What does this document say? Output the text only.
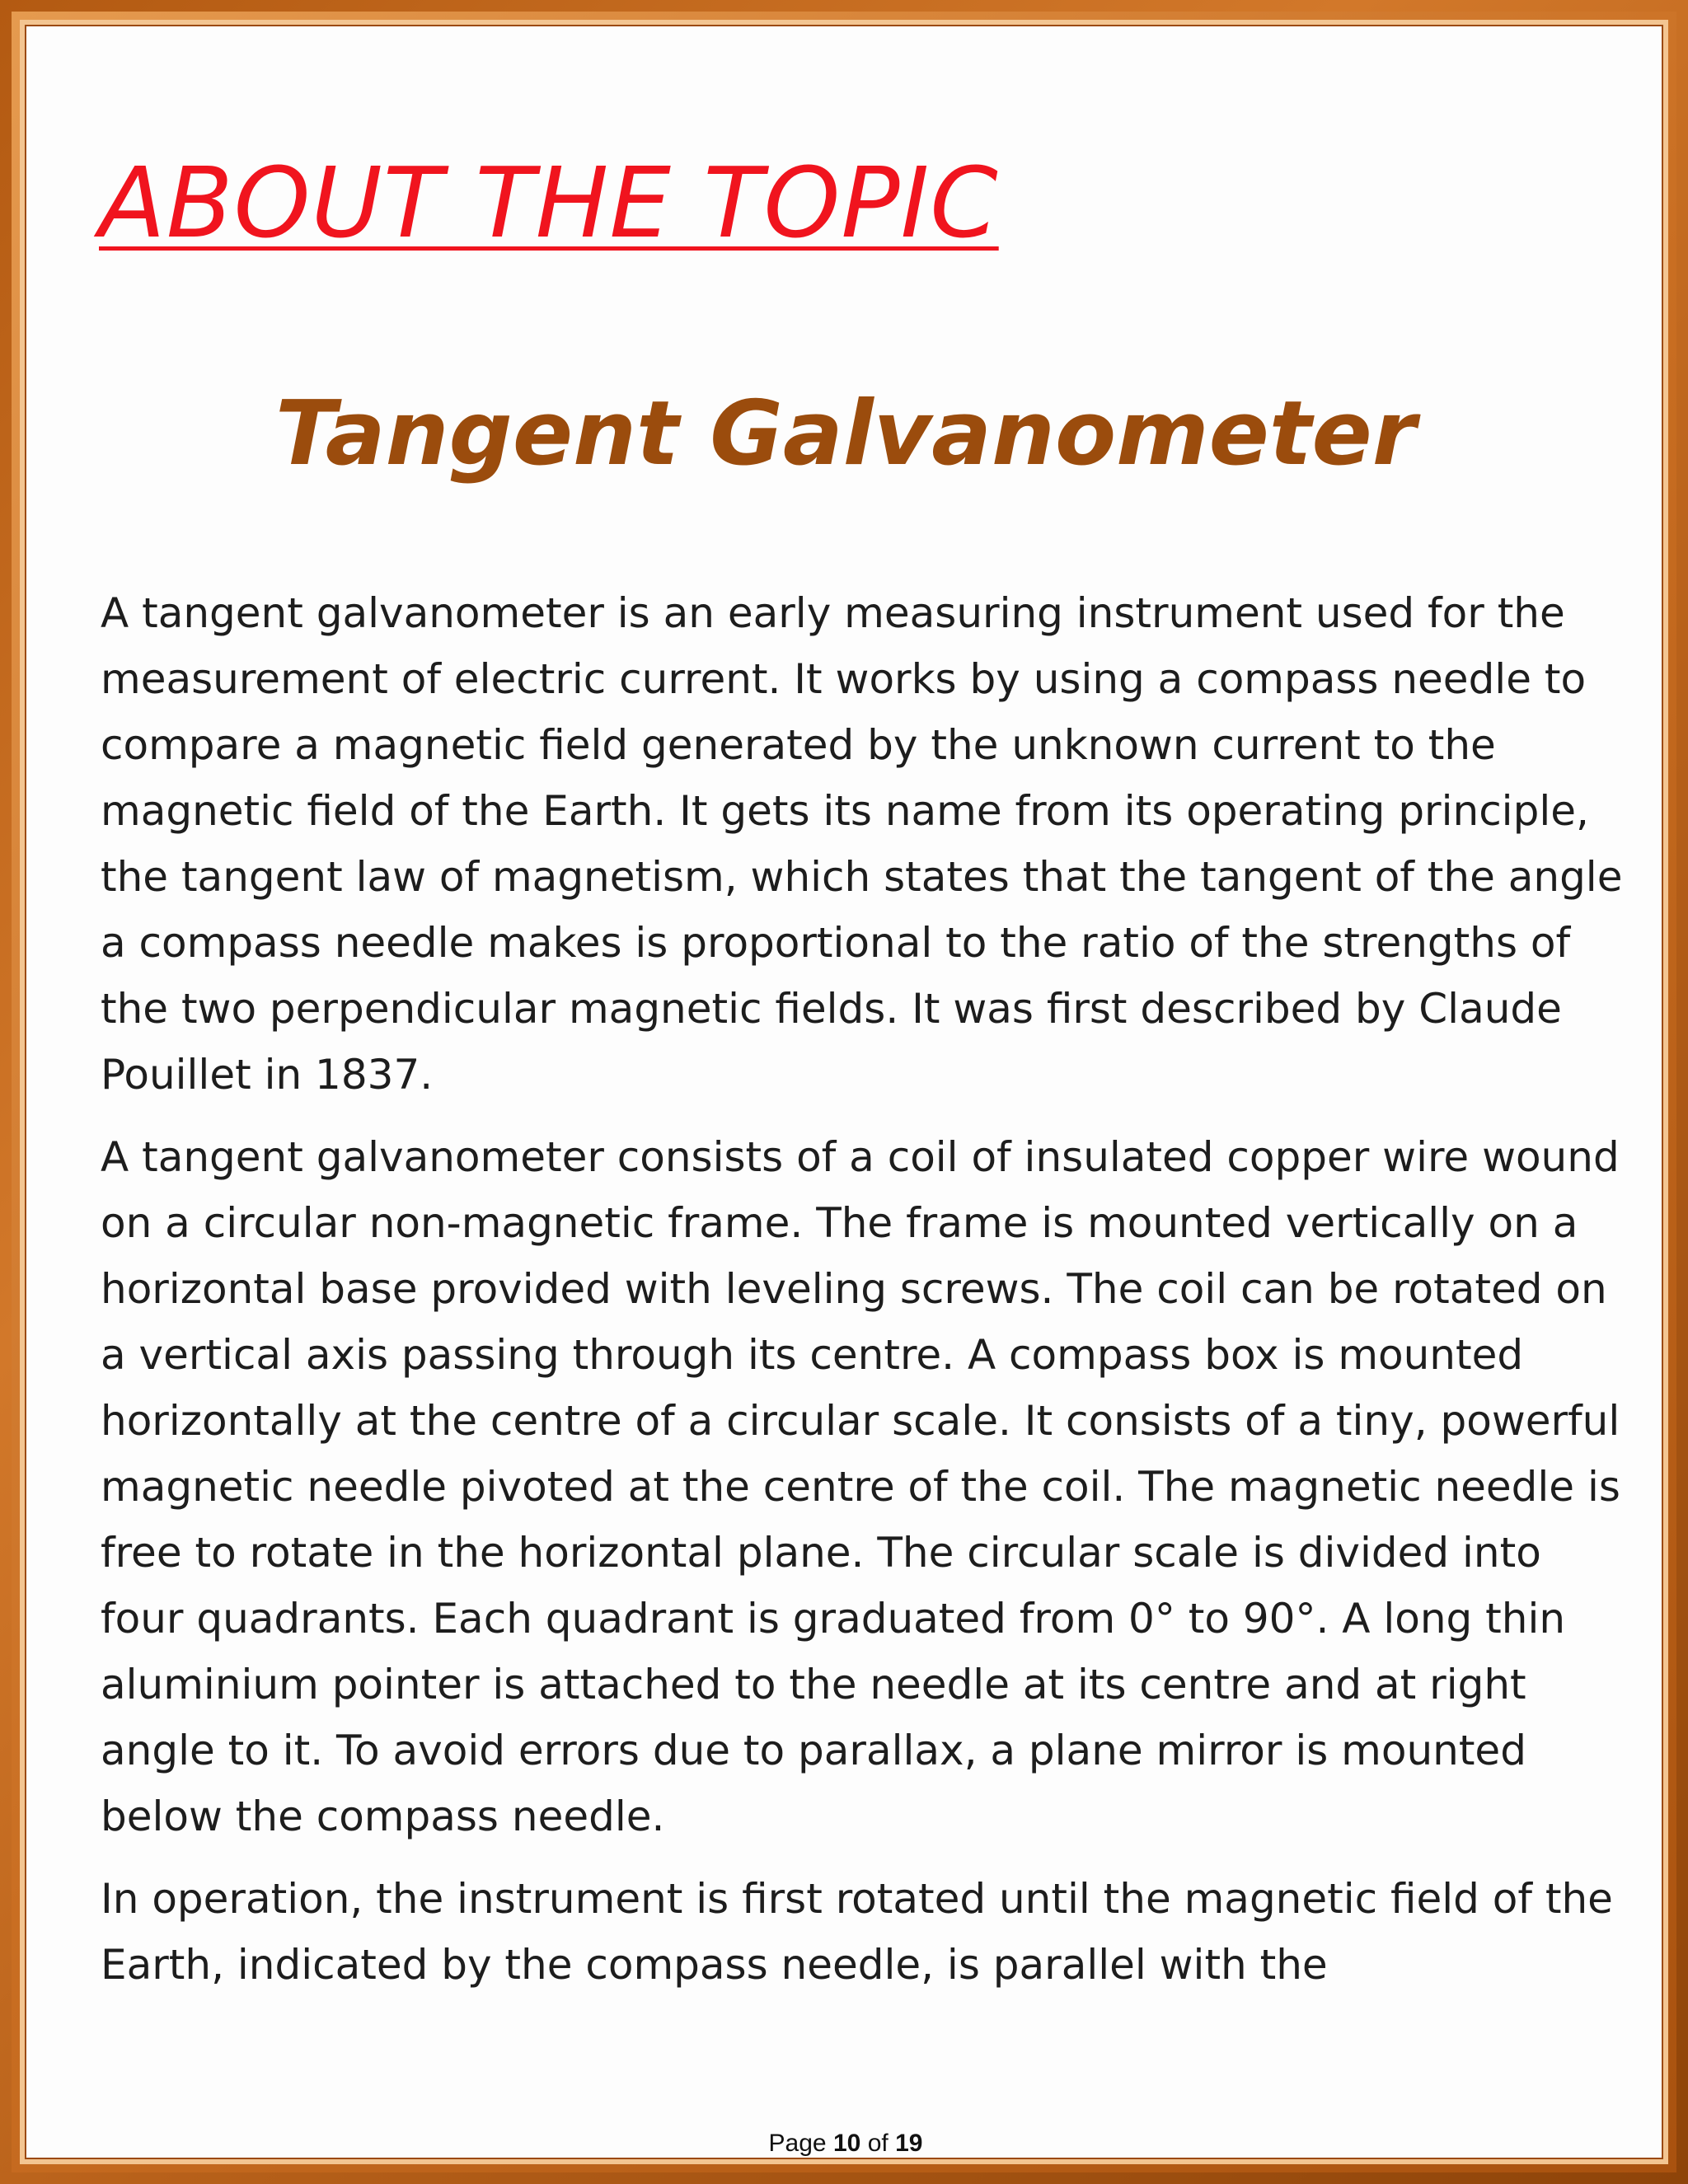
ABOUT THE TOPIC
Tangent Galvanometer

A tangent galvanometer is an early measuring instrument used for the measurement of electric current. It works by using a compass needle to compare a magnetic field generated by the unknown current to the magnetic field of the Earth. It gets its name from its operating principle, the tangent law of magnetism, which states that the tangent of the angle a compass needle makes is proportional to the ratio of the strengths of the two perpendicular magnetic fields. It was first described by Claude Pouillet in 1837.

A tangent galvanometer consists of a coil of insulated copper wire wound on a circular non-magnetic frame. The frame is mounted vertically on a horizontal base provided with leveling screws. The coil can be rotated on a vertical axis passing through its centre. A compass box is mounted horizontally at the centre of a circular scale. It consists of a tiny, powerful magnetic needle pivoted at the centre of the coil. The magnetic needle is free to rotate in the horizontal plane. The circular scale is divided into four quadrants. Each quadrant is graduated from 0° to 90°. A long thin aluminium pointer is attached to the needle at its centre and at right angle to it. To avoid errors due to parallax, a plane mirror is mounted below the compass needle.

In operation, the instrument is first rotated until the magnetic field of the Earth, indicated by the compass needle, is parallel with the

Page 10 of 19
